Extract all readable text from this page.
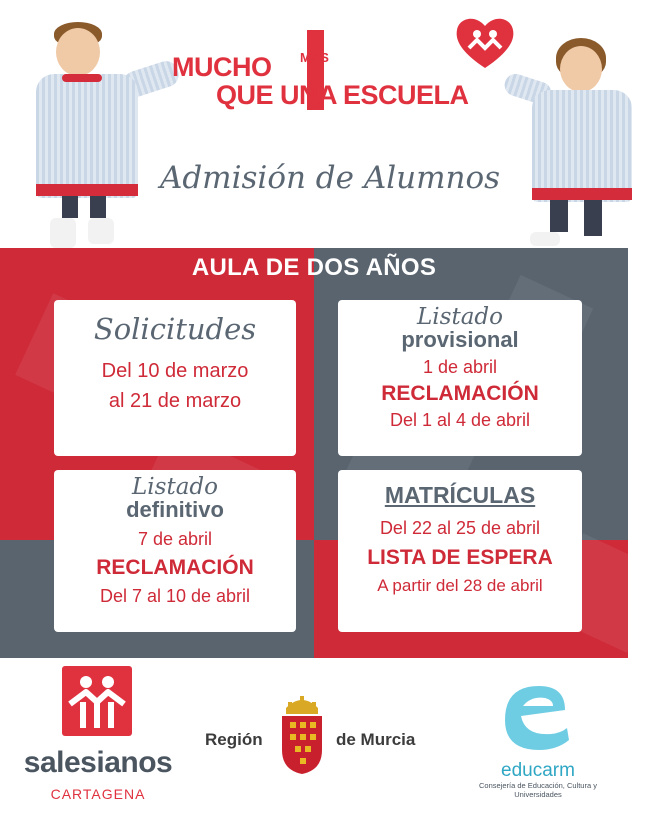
MUCHO MÁS
QUE UNA ESCUELA
Admisión de Alumnos
AULA DE DOS AÑOS
Solicitudes
Del 10 de marzo
al 21 de marzo
Listado
provisional
1 de abril
RECLAMACIÓN
Del 1 al 4 de abril
Listado
definitivo
7 de abril
RECLAMACIÓN
Del 7 al 10 de abril
MATRÍCULAS
Del 22 al 25 de abril
LISTA DE ESPERA
A partir del 28 de abril
salesianos
CARTAGENA
Región	de Murcia
educarm
Consejería de Educación, Cultura y Universidades
